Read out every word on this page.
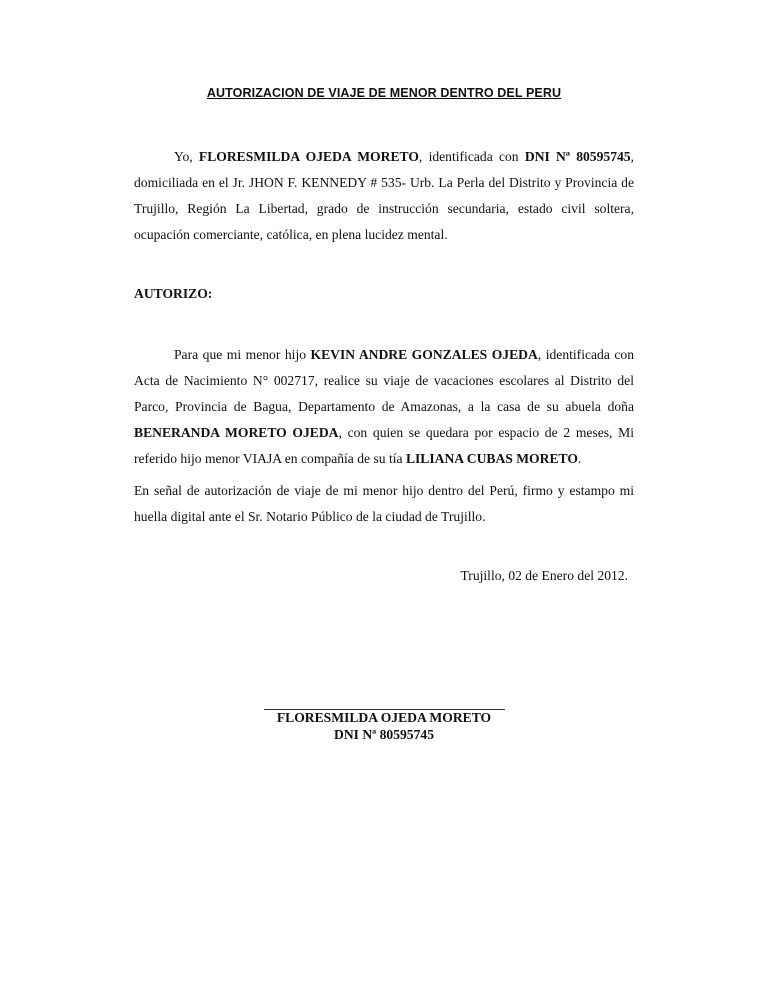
AUTORIZACION DE VIAJE DE MENOR DENTRO DEL PERU
Yo, FLORESMILDA OJEDA MORETO, identificada con DNI Nª 80595745, domiciliada en el Jr. JHON F. KENNEDY # 535- Urb. La Perla del Distrito y Provincia de Trujillo, Región La Libertad, grado de instrucción secundaria, estado civil soltera, ocupación comerciante, católica, en plena lucidez mental.
AUTORIZO:
Para que mi menor hijo KEVIN ANDRE GONZALES OJEDA, identificada con Acta de Nacimiento N° 002717, realice su viaje de vacaciones escolares al Distrito del Parco, Provincia de Bagua, Departamento de Amazonas, a la casa de su abuela doña BENERANDA MORETO OJEDA, con quien se quedara por espacio de 2 meses, Mi referido hijo menor VIAJA en compañía de su tía LILIANA CUBAS MORETO.
En señal de autorización de viaje de mi menor hijo dentro del Perú, firmo y estampo mi huella digital ante el Sr. Notario Público de la ciudad de Trujillo.
Trujillo, 02 de Enero del 2012.
FLORESMILDA OJEDA MORETO
DNI Nª 80595745
